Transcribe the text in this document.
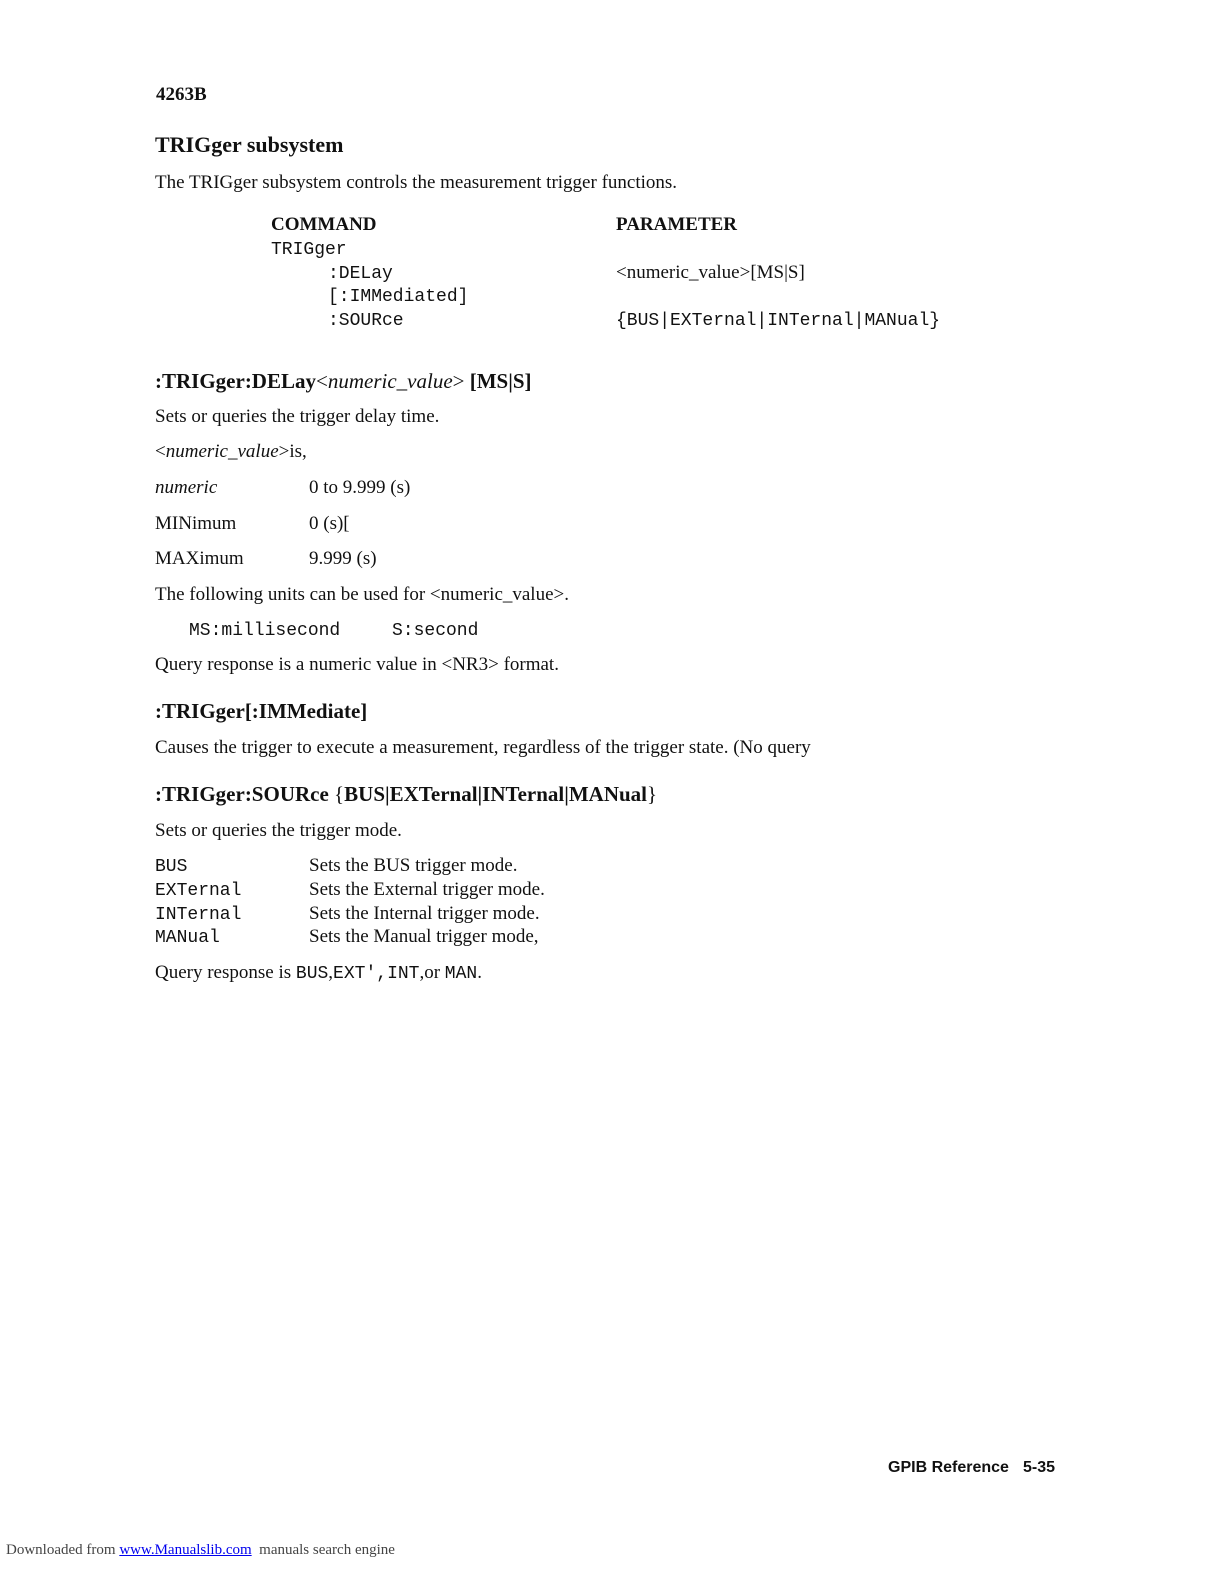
4263B
TRIGger subsystem
The TRIGger subsystem controls the measurement trigger functions.
COMMAND	PARAMETER
TRIGger
:DELay	<numeric_value>[MS|S]
[:IMMediated]
:SOURce	{BUS|EXTernal|INTernal|MANual}
:TRIGger:DELay<numeric_value> [MS|S]
Sets or queries the trigger delay time.
<numeric_value>is,
numeric	0 to 9.999 (s)
MINimum	0 (s)[
MAXimum	9.999 (s)
The following units can be used for <numeric_value>.
MS:millisecond	S:second
Query response is a numeric value in <NR3> format.
:TRIGger[:IMMediate]
Causes the trigger to execute a measurement, regardless of the trigger state. (No query
:TRIGger:SOURce {BUS|EXTernal|INTernal|MANual}
Sets or queries the trigger mode.
BUS	Sets the BUS trigger mode.
EXTernal	Sets the External trigger mode.
INTernal	Sets the Internal trigger mode.
MANual	Sets the Manual trigger mode,
Query response is BUS,EXT',INT,or MAN.
GPIB Reference 5-35
Downloaded from www.Manualslib.com  manuals search engine
